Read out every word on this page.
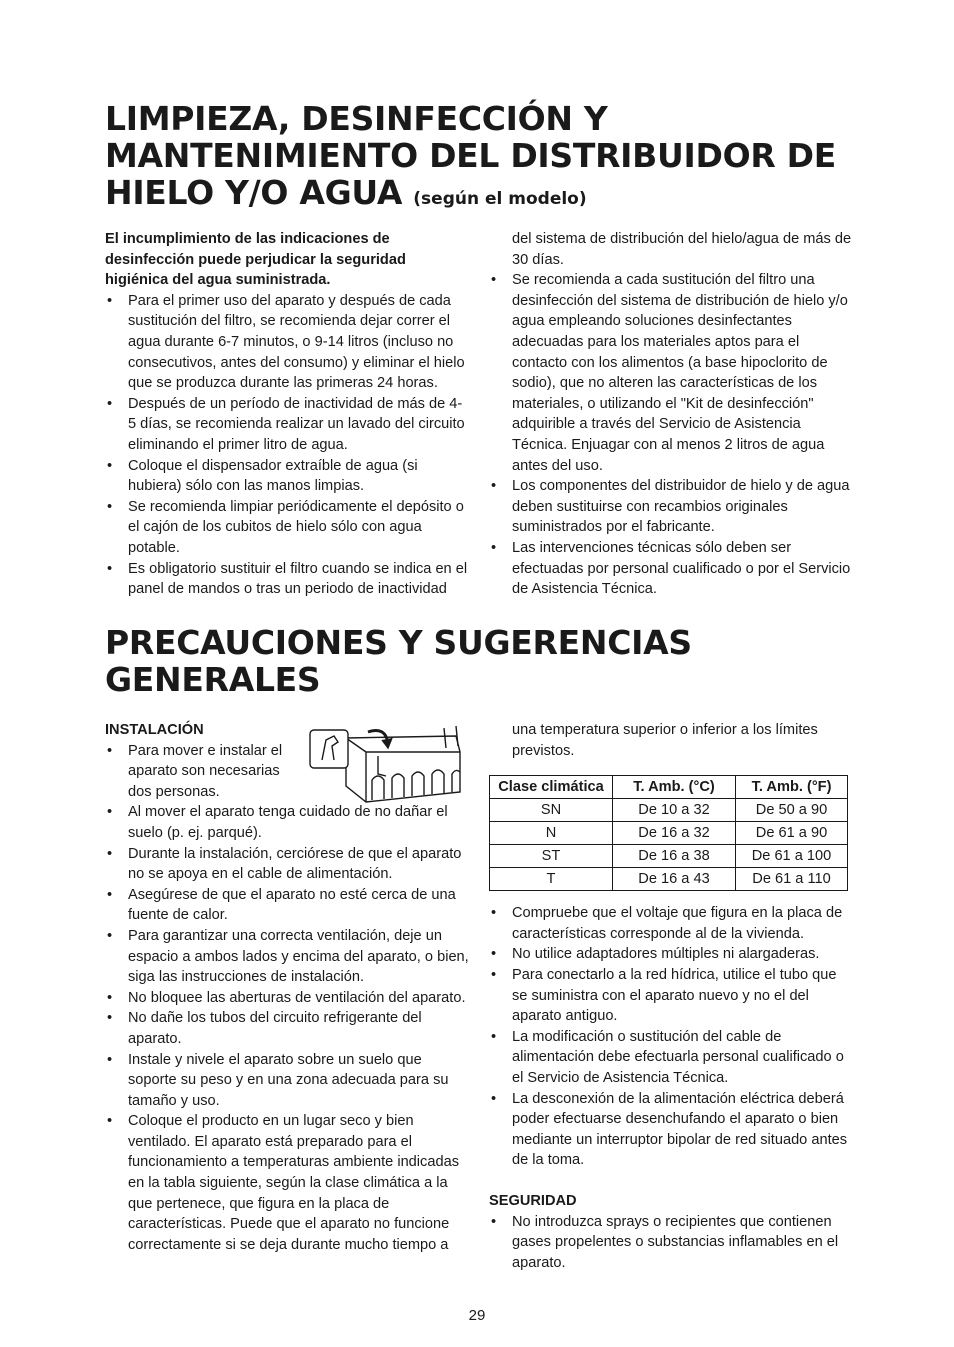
LIMPIEZA, DESINFECCIÓN Y
MANTENIMIENTO DEL DISTRIBUIDOR DE
HIELO Y/O AGUA (según el modelo)

El incumplimiento de las indicaciones de desinfección puede perjudicar la seguridad higiénica del agua suministrada.

• Para el primer uso del aparato y después de cada sustitución del filtro, se recomienda dejar correr el agua durante 6-7 minutos, o 9-14 litros (incluso no consecutivos, antes del consumo) y eliminar el hielo que se produzca durante las primeras 24 horas.
• Después de un período de inactividad de más de 4-5 días, se recomienda realizar un lavado del circuito eliminando el primer litro de agua.
• Coloque el dispensador extraíble de agua (si hubiera) sólo con las manos limpias.
• Se recomienda limpiar periódicamente el depósito o el cajón de los cubitos de hielo sólo con agua potable.
• Es obligatorio sustituir el filtro cuando se indica en el panel de mandos o tras un periodo de inactividad

del sistema de distribución del hielo/agua de más de 30 días.

• Se recomienda a cada sustitución del filtro una desinfección del sistema de distribución de hielo y/o agua empleando soluciones desinfectantes adecuadas para los materiales aptos para el contacto con los alimentos (a base hipoclorito de sodio), que no alteren las características de los materiales, o utilizando el "Kit de desinfección" adquirible a través del Servicio de Asistencia Técnica. Enjuagar con al menos 2 litros de agua antes del uso.
• Los componentes del distribuidor de hielo y de agua deben sustituirse con recambios originales suministrados por el fabricante.
• Las intervenciones técnicas sólo deben ser efectuadas por personal cualificado o por el Servicio de Asistencia Técnica.
PRECAUCIONES Y SUGERENCIAS
GENERALES

INSTALACIÓN

• Para mover e instalar el aparato son necesarias dos personas.
• Al mover el aparato tenga cuidado de no dañar el suelo (p. ej. parqué).
• Durante la instalación, cerciórese de que el aparato no se apoya en el cable de alimentación.
• Asegúrese de que el aparato no esté cerca de una fuente de calor.
• Para garantizar una correcta ventilación, deje un espacio a ambos lados y encima del aparato, o bien, siga las instrucciones de instalación.
• No bloquee las aberturas de ventilación del aparato.
• No dañe los tubos del circuito refrigerante del aparato.
• Instale y nivele el aparato sobre un suelo que soporte su peso y en una zona adecuada para su tamaño y uso.
• Coloque el producto en un lugar seco y bien ventilado. El aparato está preparado para el funcionamiento a temperaturas ambiente indicadas en la tabla siguiente, según la clase climática a la que pertenece, que figura en la placa de características. Puede que el aparato no funcione correctamente si se deja durante mucho tiempo a

una temperatura superior o inferior a los límites previstos.

Clase climática	T. Amb. (°C)	T. Amb. (°F)
SN	De 10 a 32	De 50 a 90
N	De 16 a 32	De 61 a 90
ST	De 16 a 38	De 61 a 100
T	De 16 a 43	De 61 a 110
• Compruebe que el voltaje que figura en la placa de características corresponde al de la vivienda.
• No utilice adaptadores múltiples ni alargaderas.
• Para conectarlo a la red hídrica, utilice el tubo que se suministra con el aparato nuevo y no el del aparato antiguo.
• La modificación o sustitución del cable de alimentación debe efectuarla personal cualificado o el Servicio de Asistencia Técnica.
• La desconexión de la alimentación eléctrica deberá poder efectuarse desenchufando el aparato o bien mediante un interruptor bipolar de red situado antes de la toma.

SEGURIDAD

• No introduzca sprays o recipientes que contienen gases propelentes o substancias inflamables en el aparato.
29
